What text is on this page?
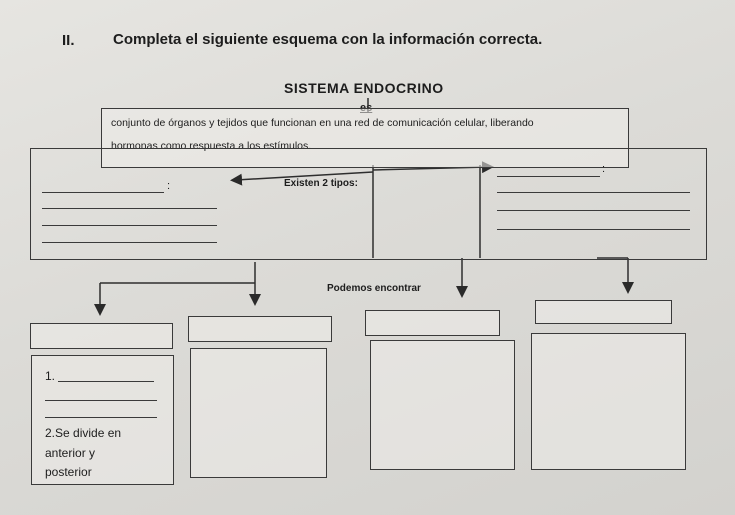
II.	Completa el siguiente esquema con la información correcta.
SISTEMA ENDOCRINO
conjunto de órganos y tejidos que funcionan en una red de comunicación celular, liberando
hormonas como respuesta a los estímulos.
:	Existen 2 tipos:
:
Podemos encontrar
1.
2.Se divide en
anterior y
posterior
